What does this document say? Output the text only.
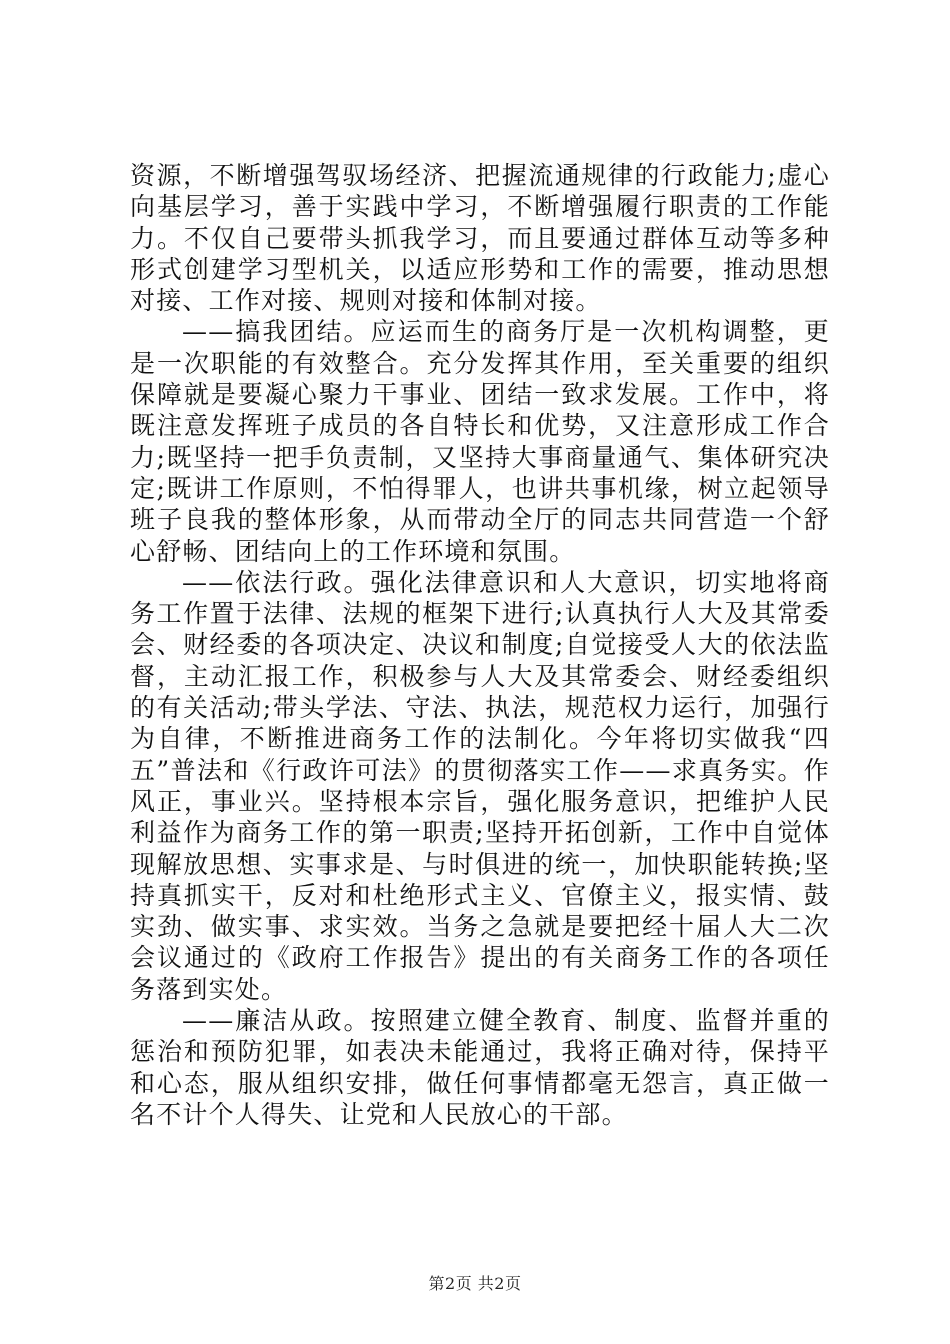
资源，不断增强驾驭场经济、把握流通规律的行政能力;虚心向基层学习，善于实践中学习，不断增强履行职责的工作能力。不仅自己要带头抓我学习，而且要通过群体互动等多种形式创建学习型机关，以适应形势和工作的需要，推动思想对接、工作对接、规则对接和体制对接。

——搞我团结。应运而生的商务厅是一次机构调整，更是一次职能的有效整合。充分发挥其作用，至关重要的组织保障就是要凝心聚力干事业、团结一致求发展。工作中，将既注意发挥班子成员的各自特长和优势，又注意形成工作合力;既坚持一把手负责制，又坚持大事商量通气、集体研究决定;既讲工作原则，不怕得罪人，也讲共事机缘，树立起领导班子良我的整体形象，从而带动全厅的同志共同营造一个舒心舒畅、团结向上的工作环境和氛围。

——依法行政。强化法律意识和人大意识，切实地将商务工作置于法律、法规的框架下进行;认真执行人大及其常委会、财经委的各项决定、决议和制度;自觉接受人大的依法监督，主动汇报工作，积极参与人大及其常委会、财经委组织的有关活动;带头学法、守法、执法，规范权力运行，加强行为自律，不断推进商务工作的法制化。今年将切实做我“四五”普法和《行政许可法》的贯彻落实工作——求真务实。作风正，事业兴。坚持根本宗旨，强化服务意识，把维护人民利益作为商务工作的第一职责;坚持开拓创新，工作中自觉体现解放思想、实事求是、与时俱进的统一，加快职能转换;坚持真抓实干，反对和杜绝形式主义、官僚主义，报实情、鼓实劲、做实事、求实效。当务之急就是要把经十届人大二次会议通过的《政府工作报告》提出的有关商务工作的各项任务落到实处。

——廉洁从政。按照建立健全教育、制度、监督并重的惩治和预防犯罪，如表决未能通过，我将正确对待，保持平和心态，服从组织安排，做任何事情都毫无怨言，真正做一名不计个人得失、让党和人民放心的干部。

第2页 共2页
